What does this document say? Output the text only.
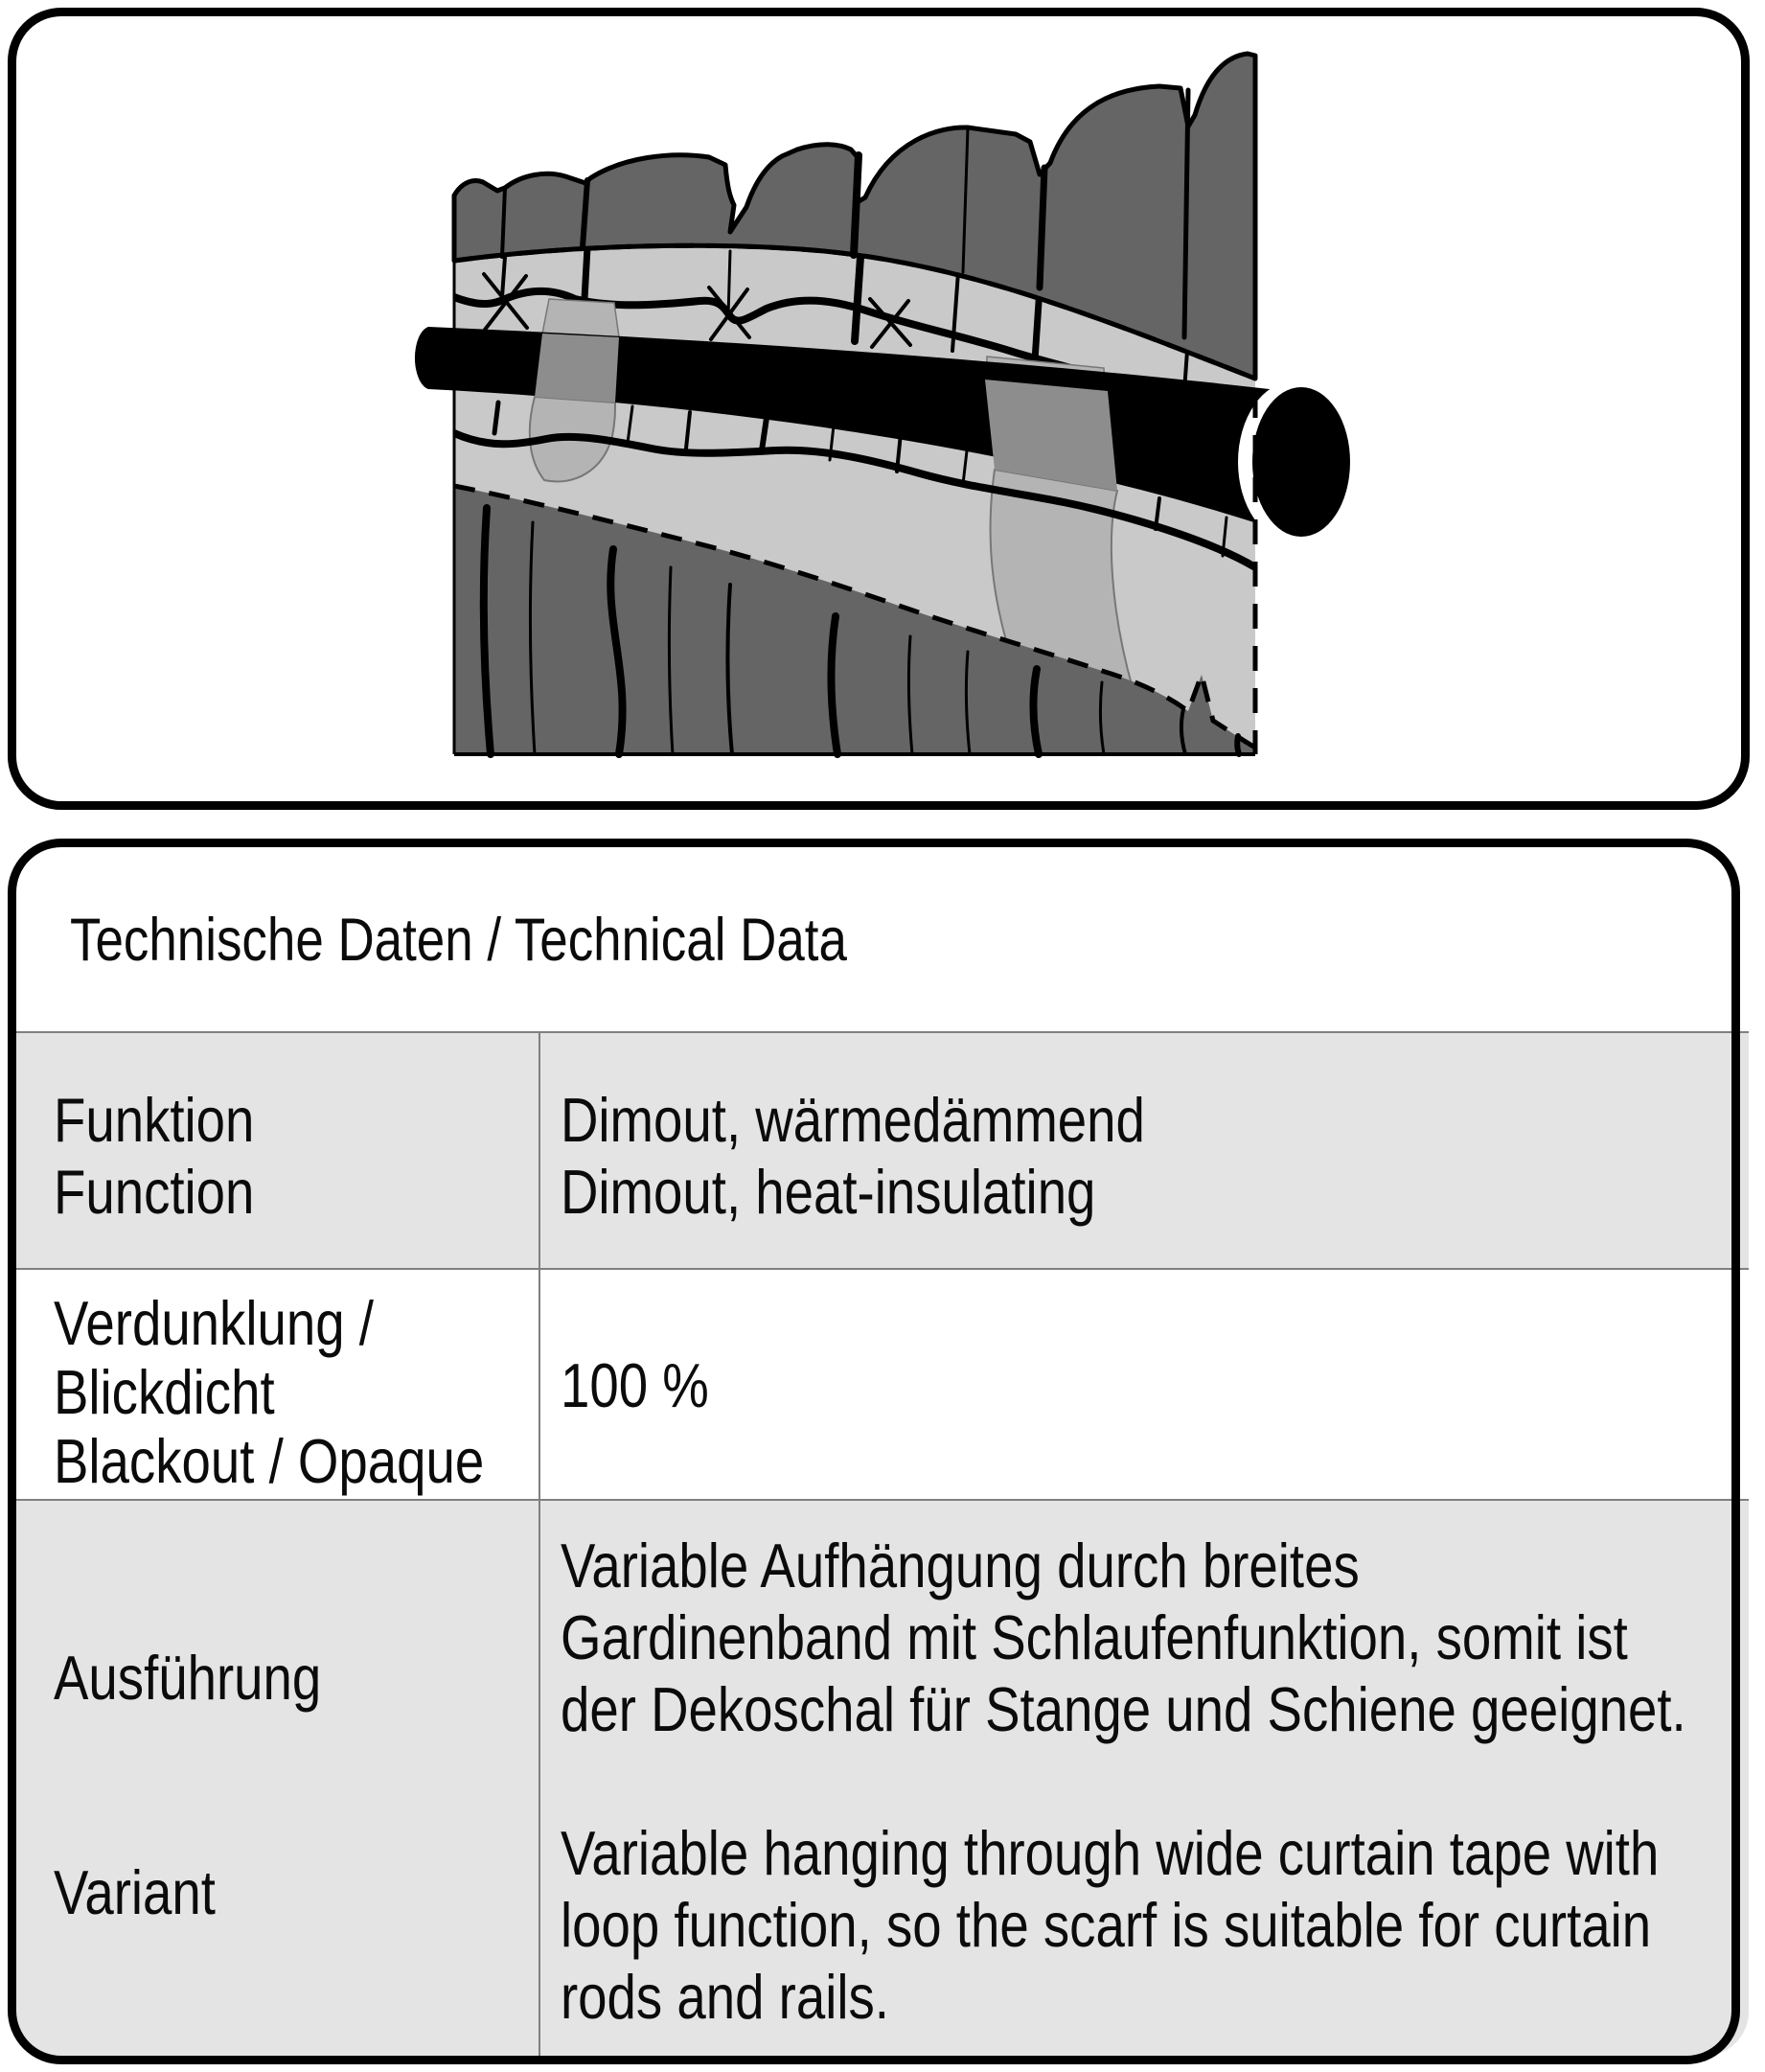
Technische Daten / Technical Data
Funktion
Function
Dimout, wärmedämmend
Dimout, heat-insulating
Verdunklung /
Blickdicht
Blackout / Opaque
100 %
Ausführung
Variant
Variable Aufhängung durch breites
Gardinenband mit Schlaufenfunktion, somit ist
der Dekoschal für Stange und Schiene geeignet.
Variable hanging through wide curtain tape with
loop function, so the scarf is suitable for curtain
rods and rails.
